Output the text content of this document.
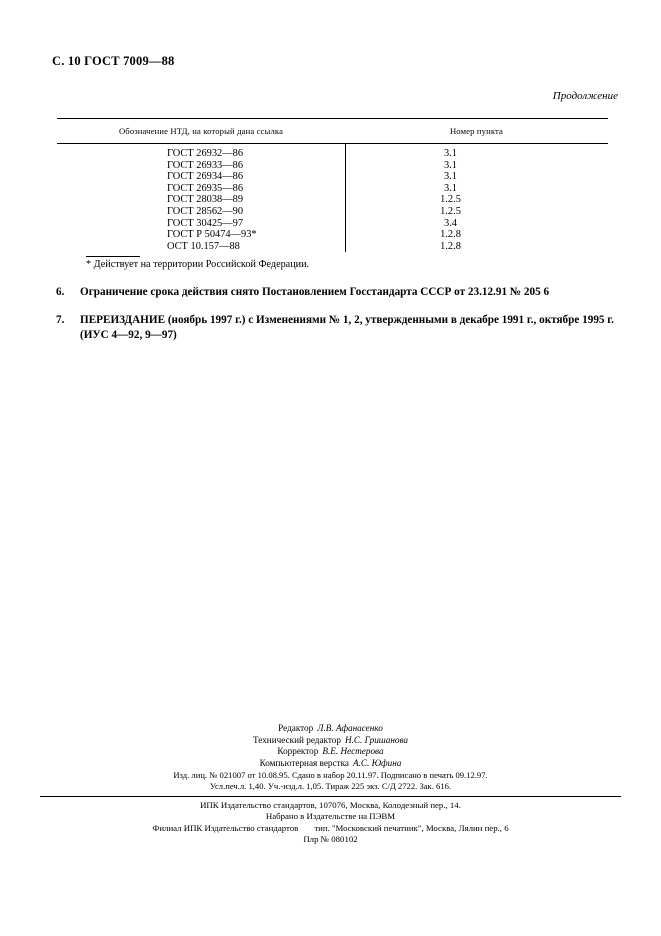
С. 10 ГОСТ 7009—88
Продолжение
Обозначение НТД, на который дана ссылка	Номер пункта
ГОСТ 26932—86	3.1
ГОСТ 26933—86	3.1
ГОСТ 26934—86	3.1
ГОСТ 26935—86	3.1
ГОСТ 28038—89	1.2.5
ГОСТ 28562—90	1.2.5
ГОСТ 30425—97	3.4
ГОСТ Р 50474—93*	1.2.8
ОСТ 10.157—88	1.2.8
* Действует на территории Российской Федерации.
6.	Ограничение срока действия снято Постановлением Госстандарта СССР от 23.12.91 № 205 6
7.	ПЕРЕИЗДАНИЕ (ноябрь 1997 г.) с Изменениями № 1, 2, утвержденными в декабре 1991 г., октябре 1995 г. (ИУС 4—92, 9—97)
Редактор Л.В. Афанасенко
Технический редактор Н.С. Гришанова
Корректор В.Е. Нестерова
Компьютерная верстка А.С. Юфина
Изд. лиц. № 021007 от 10.08.95. Сдано в набор 20.11.97. Подписано в печать 09.12.97.
Усл.печ.л. 1,40. Уч.-изд.л. 1,05. Тираж 225 экз. С/Д 2722. Зак. 616.
ИПК Издательство стандартов, 107076, Москва, Колодезный пер., 14.
Набрано в Издательстве на ПЭВМ
Филиал ИПК Издательство стандартов тип. "Московский печатник", Москва, Лялин пер., 6
Плр № 080102
